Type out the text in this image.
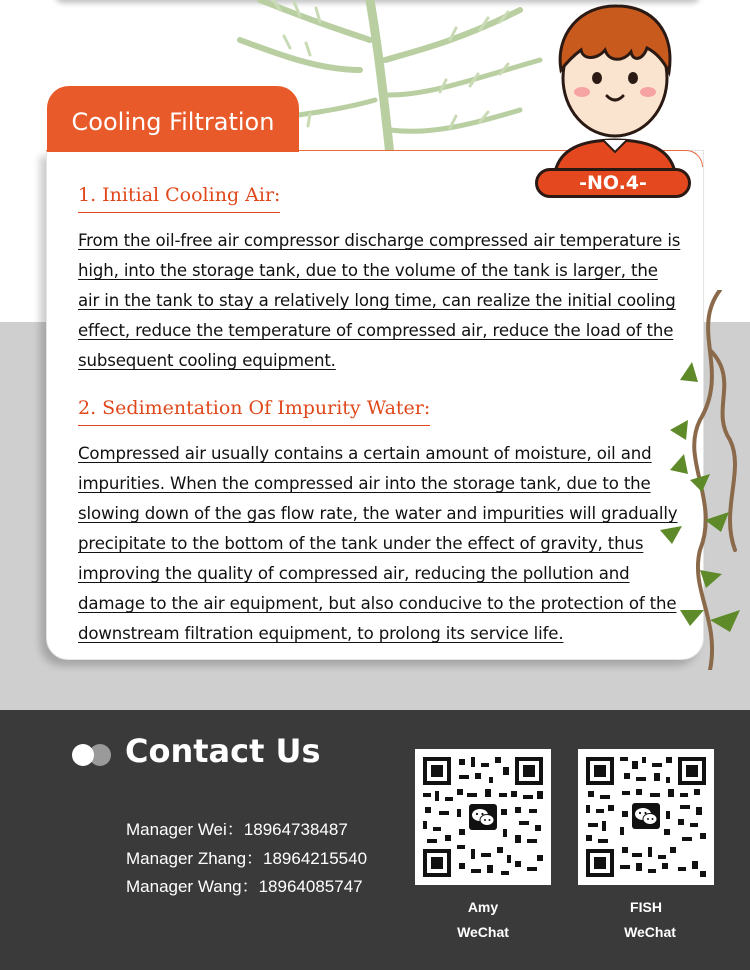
Cooling Filtration
1. Initial Cooling Air:
From the oil-free air compressor discharge compressed air temperature is high, into the storage tank, due to the volume of the tank is larger, the air in the tank to stay a relatively long time, can realize the initial cooling effect, reduce the temperature of compressed air, reduce the load of the subsequent cooling equipment.
2. Sedimentation Of Impurity Water:
Compressed air usually contains a certain amount of moisture, oil and impurities. When the compressed air into the storage tank, due to the slowing down of the gas flow rate, the water and impurities will gradually precipitate to the bottom of the tank under the effect of gravity, thus improving the quality of compressed air, reducing the pollution and damage to the air equipment, but also conducive to the protection of the downstream filtration equipment, to prolong its service life.
-NO.4-
Contact Us
Manager Wei：18964738487
Manager Zhang：18964215540
Manager Wang：18964085747
Amy
WeChat
FISH
WeChat
